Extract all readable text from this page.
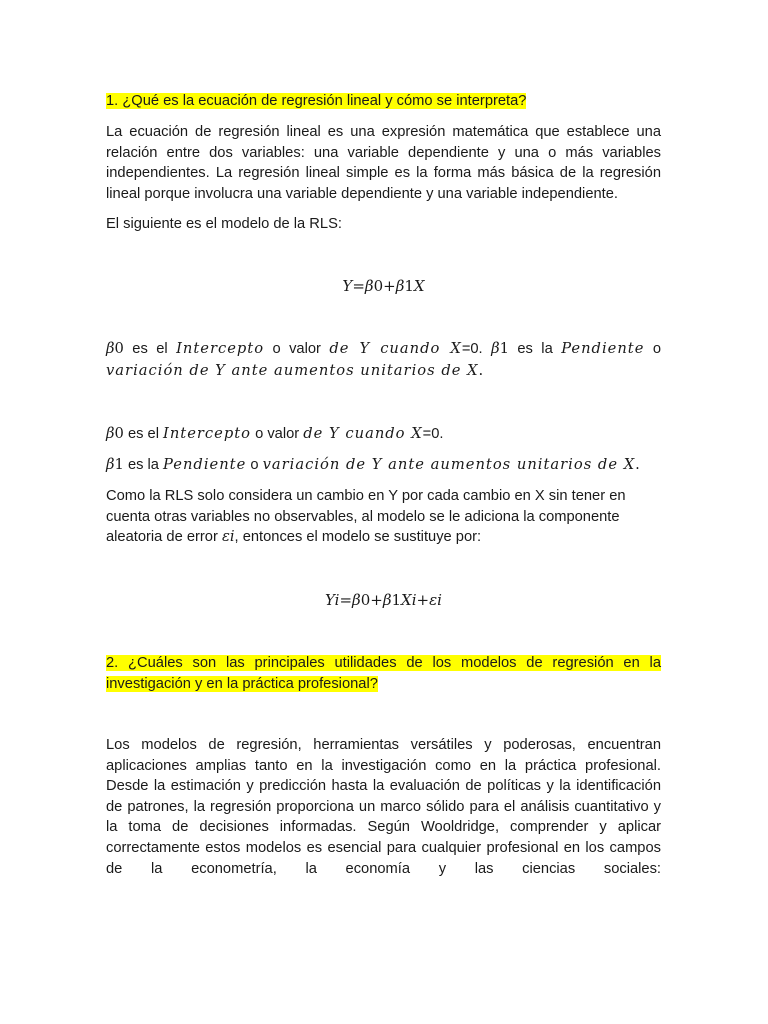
1. ¿Qué es la ecuación de regresión lineal y cómo se interpreta?

La ecuación de regresión lineal es una expresión matemática que establece una relación entre dos variables: una variable dependiente y una o más variables independientes. La regresión lineal simple es la forma más básica de la regresión lineal porque involucra una variable dependiente y una variable independiente.

El siguiente es el modelo de la RLS:

Y=β0+β1X

β0 es el Intercepto o valor de Y cuando X=0. β1 es la Pendiente o variación de Y ante aumentos unitarios de X.

β0 es el Intercepto o valor de Y cuando X=0.

β1 es la Pendiente o variación de Y ante aumentos unitarios de X.

Como la RLS solo considera un cambio en Y por cada cambio en X sin tener en cuenta otras variables no observables, al modelo se le adiciona la componente aleatoria de error εi, entonces el modelo se sustituye por:

Yi=β0+β1Xi+εi

2. ¿Cuáles son las principales utilidades de los modelos de regresión en la investigación y en la práctica profesional?

Los modelos de regresión, herramientas versátiles y poderosas, encuentran aplicaciones amplias tanto en la investigación como en la práctica profesional. Desde la estimación y predicción hasta la evaluación de políticas y la identificación de patrones, la regresión proporciona un marco sólido para el análisis cuantitativo y la toma de decisiones informadas. Según Wooldridge, comprender y aplicar correctamente estos modelos es esencial para cualquier profesional en los campos de la econometría, la economía y las ciencias sociales:
